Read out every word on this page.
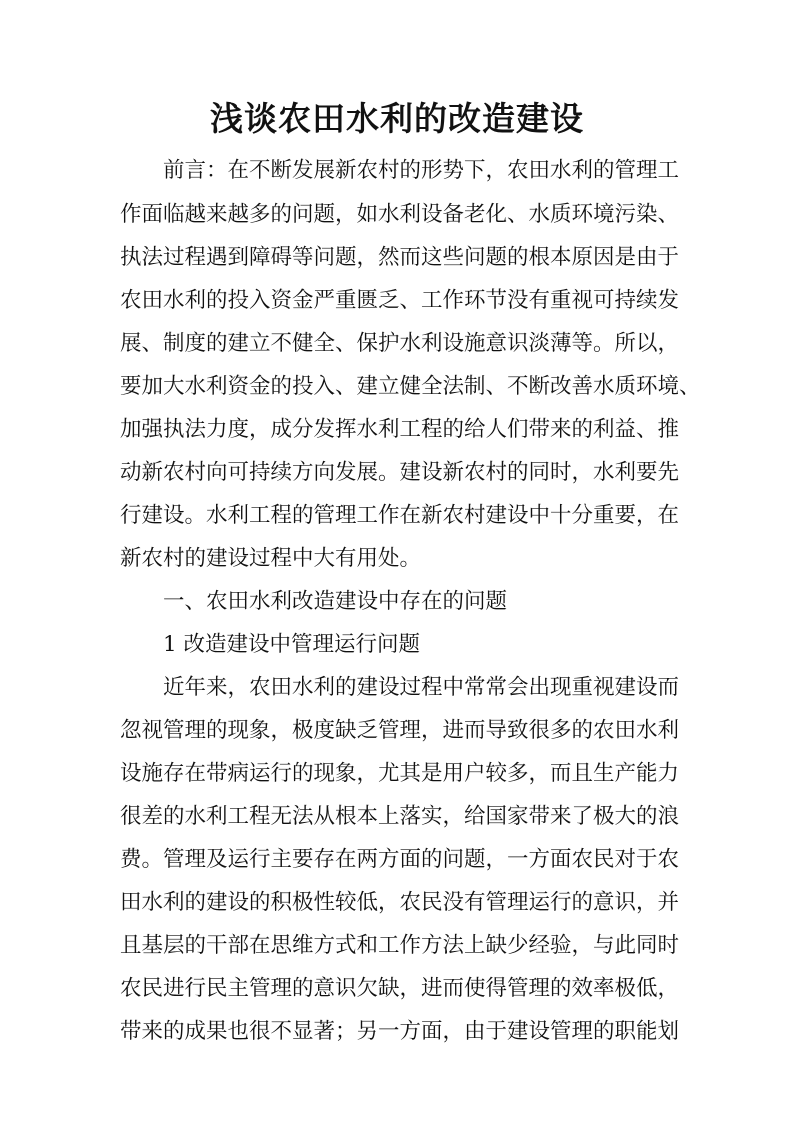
浅谈农田水利的改造建设

前言：在不断发展新农村的形势下，农田水利的管理工

作面临越来越多的问题，如水利设备老化、水质环境污染、

执法过程遇到障碍等问题，然而这些问题的根本原因是由于

农田水利的投入资金严重匮乏、工作环节没有重视可持续发

展、制度的建立不健全、保护水利设施意识淡薄等。所以，

要加大水利资金的投入、建立健全法制、不断改善水质环境、

加强执法力度，成分发挥水利工程的给人们带来的利益、推

动新农村向可持续方向发展。建设新农村的同时，水利要先

行建设。水利工程的管理工作在新农村建设中十分重要，在

新农村的建设过程中大有用处。

一、农田水利改造建设中存在的问题

1 改造建设中管理运行问题

近年来，农田水利的建设过程中常常会出现重视建设而

忽视管理的现象，极度缺乏管理，进而导致很多的农田水利

设施存在带病运行的现象，尤其是用户较多，而且生产能力

很差的水利工程无法从根本上落实，给国家带来了极大的浪

费。管理及运行主要存在两方面的问题，一方面农民对于农

田水利的建设的积极性较低，农民没有管理运行的意识，并

且基层的干部在思维方式和工作方法上缺少经验，与此同时

农民进行民主管理的意识欠缺，进而使得管理的效率极低，

带来的成果也很不显著；另一方面，由于建设管理的职能划
